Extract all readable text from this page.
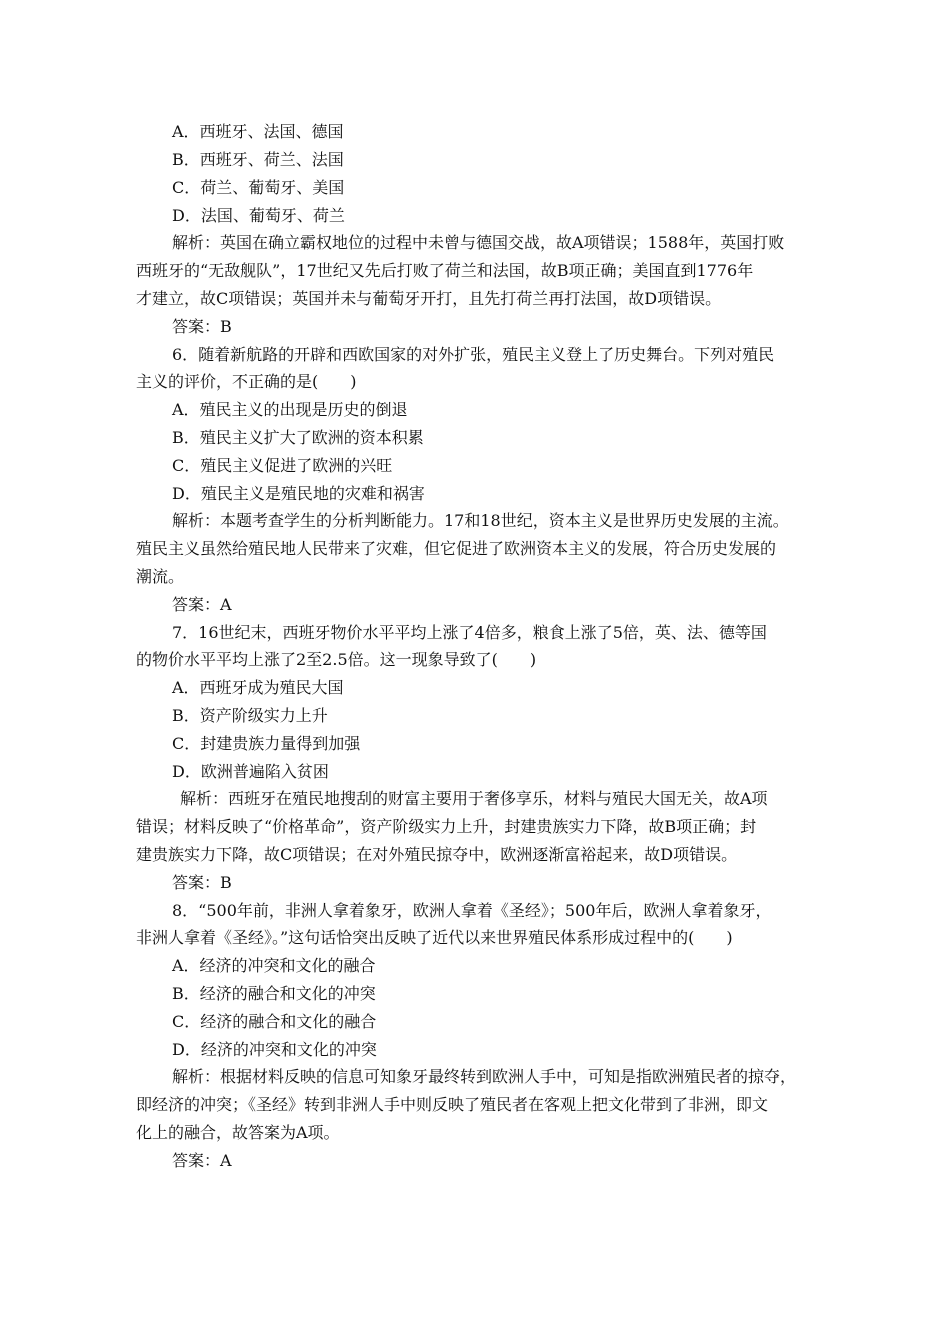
A．西班牙、法国、德国
B．西班牙、荷兰、法国
C．荷兰、葡萄牙、美国
D．法国、葡萄牙、荷兰
解析：英国在确立霸权地位的过程中未曾与德国交战，故A项错误；1588年，英国打败
西班牙的“无敌舰队”，17世纪又先后打败了荷兰和法国，故B项正确；美国直到1776年
才建立，故C项错误；英国并未与葡萄牙开打，且先打荷兰再打法国，故D项错误。
答案：B
6．随着新航路的开辟和西欧国家的对外扩张，殖民主义登上了历史舞台。下列对殖民
主义的评价，不正确的是(　　)
A．殖民主义的出现是历史的倒退
B．殖民主义扩大了欧洲的资本积累
C．殖民主义促进了欧洲的兴旺
D．殖民主义是殖民地的灾难和祸害
解析：本题考查学生的分析判断能力。17和18世纪，资本主义是世界历史发展的主流。
殖民主义虽然给殖民地人民带来了灾难，但它促进了欧洲资本主义的发展，符合历史发展的
潮流。
答案：A
7．16世纪末，西班牙物价水平平均上涨了4倍多，粮食上涨了5倍，英、法、德等国
的物价水平平均上涨了2至2.5倍。这一现象导致了(　　)
A．西班牙成为殖民大国
B．资产阶级实力上升
C．封建贵族力量得到加强
D．欧洲普遍陷入贫困
解析：西班牙在殖民地搜刮的财富主要用于奢侈享乐，材料与殖民大国无关，故A项
错误；材料反映了“价格革命”，资产阶级实力上升，封建贵族实力下降，故B项正确；封
建贵族实力下降，故C项错误；在对外殖民掠夺中，欧洲逐渐富裕起来，故D项错误。
答案：B
8．“500年前，非洲人拿着象牙，欧洲人拿着《圣经》；500年后，欧洲人拿着象牙，
非洲人拿着《圣经》。”这句话恰突出反映了近代以来世界殖民体系形成过程中的(　　)
A．经济的冲突和文化的融合
B．经济的融合和文化的冲突
C．经济的融合和文化的融合
D．经济的冲突和文化的冲突
解析：根据材料反映的信息可知象牙最终转到欧洲人手中，可知是指欧洲殖民者的掠夺，
即经济的冲突；《圣经》转到非洲人手中则反映了殖民者在客观上把文化带到了非洲，即文
化上的融合，故答案为A项。
答案：A
